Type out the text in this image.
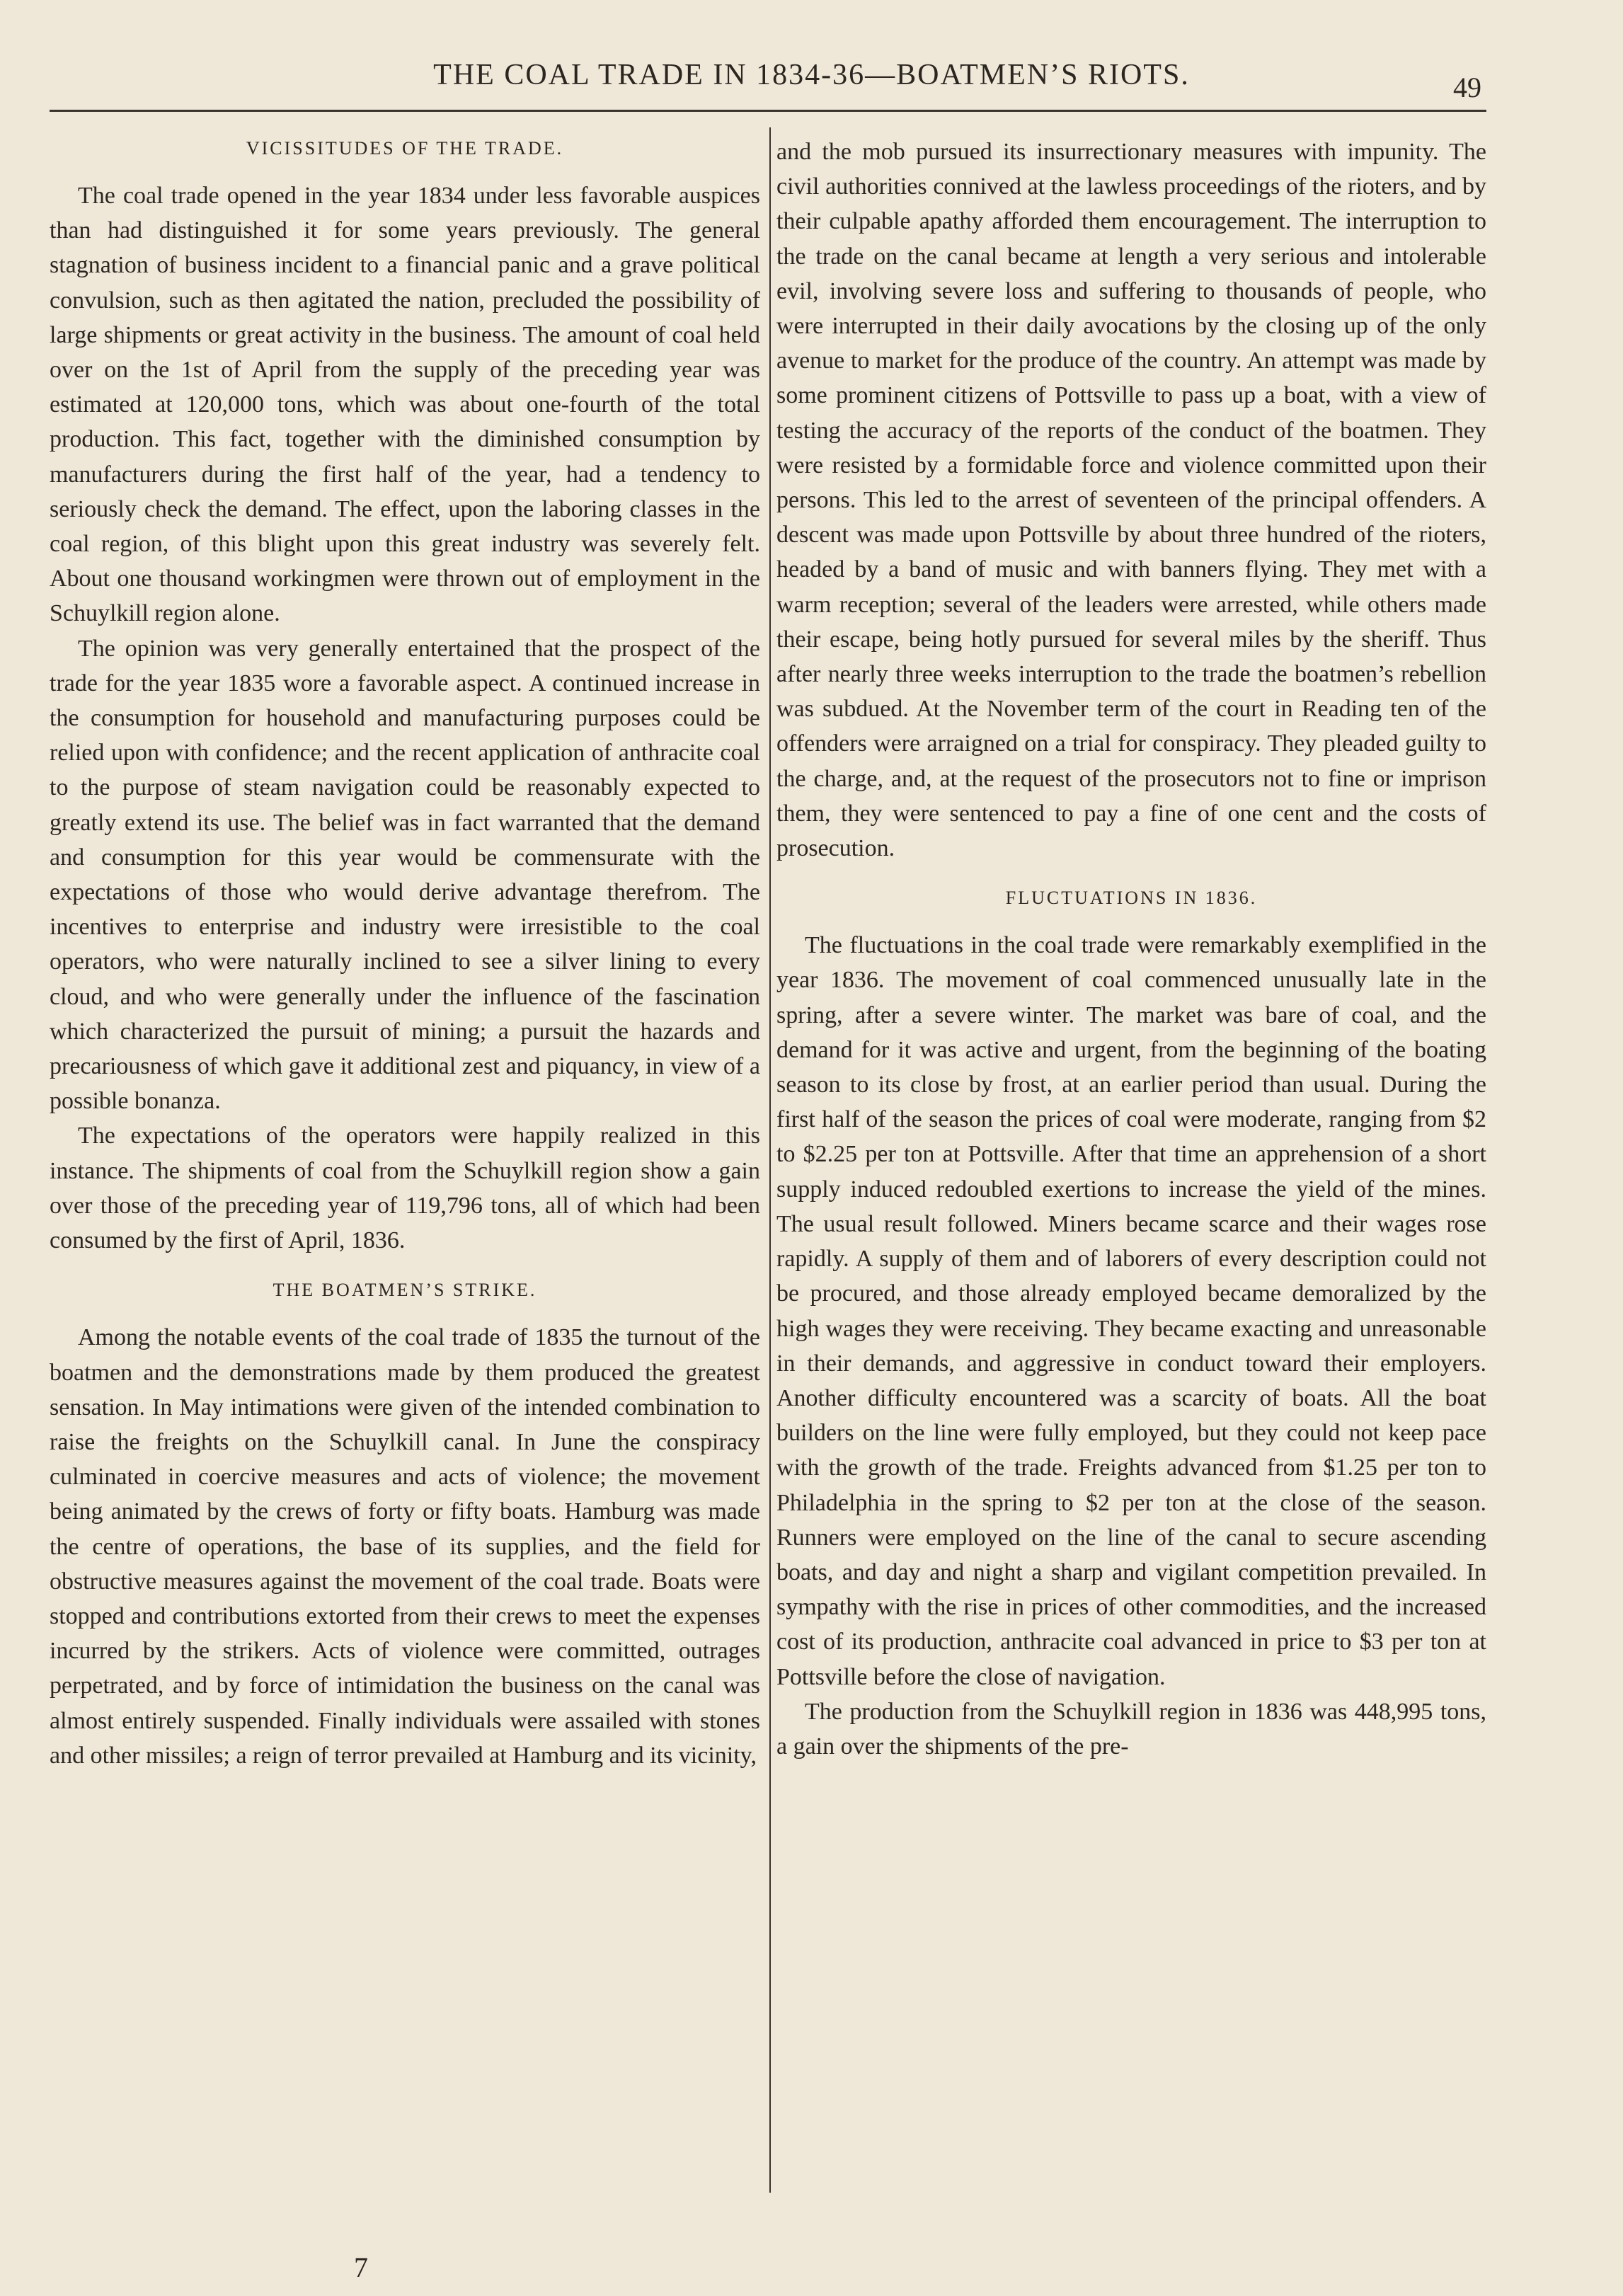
THE COAL TRADE IN 1834-36—BOATMEN’S RIOTS.	49
VICISSITUDES OF THE TRADE.

The coal trade opened in the year 1834 under less favorable auspices than had distinguished it for some years previously. The general stagnation of business incident to a financial panic and a grave political convulsion, such as then agitated the nation, precluded the possibility of large shipments or great activity in the business. The amount of coal held over on the 1st of April from the supply of the preceding year was estimated at 120,000 tons, which was about one-fourth of the total production. This fact, together with the diminished consumption by manufacturers during the first half of the year, had a tendency to seriously check the demand. The effect, upon the laboring classes in the coal region, of this blight upon this great industry was severely felt. About one thousand workingmen were thrown out of employment in the Schuylkill region alone.

The opinion was very generally entertained that the prospect of the trade for the year 1835 wore a favorable aspect. A continued increase in the consumption for household and manufacturing purposes could be relied upon with confidence; and the recent application of anthracite coal to the purpose of steam navigation could be reasonably expected to greatly extend its use. The belief was in fact warranted that the demand and consumption for this year would be commensurate with the expectations of those who would derive advantage therefrom. The incentives to enterprise and industry were irresistible to the coal operators, who were naturally inclined to see a silver lining to every cloud, and who were generally under the influence of the fascination which characterized the pursuit of mining; a pursuit the hazards and precariousness of which gave it additional zest and piquancy, in view of a possible bonanza.

The expectations of the operators were happily realized in this instance. The shipments of coal from the Schuylkill region show a gain over those of the preceding year of 119,796 tons, all of which had been consumed by the first of April, 1836.

THE BOATMEN’S STRIKE.

Among the notable events of the coal trade of 1835 the turnout of the boatmen and the demonstrations made by them produced the greatest sensation. In May intimations were given of the intended combination to raise the freights on the Schuylkill canal. In June the conspiracy culminated in coercive measures and acts of violence; the movement being animated by the crews of forty or fifty boats. Hamburg was made the centre of operations, the base of its supplies, and the field for obstructive measures against the movement of the coal trade. Boats were stopped and contributions extorted from their crews to meet the expenses incurred by the strikers. Acts of violence were committed, outrages perpetrated, and by force of intimidation the business on the canal was almost entirely suspended. Finally individuals were assailed with stones and other missiles; a reign of terror prevailed at Hamburg and its vicinity,

and the mob pursued its insurrectionary measures with impunity. The civil authorities connived at the lawless proceedings of the rioters, and by their culpable apathy afforded them encouragement. The interruption to the trade on the canal became at length a very serious and intolerable evil, involving severe loss and suffering to thousands of people, who were interrupted in their daily avocations by the closing up of the only avenue to market for the produce of the country. An attempt was made by some prominent citizens of Pottsville to pass up a boat, with a view of testing the accuracy of the reports of the conduct of the boatmen. They were resisted by a formidable force and violence committed upon their persons. This led to the arrest of seventeen of the principal offenders. A descent was made upon Pottsville by about three hundred of the rioters, headed by a band of music and with banners flying. They met with a warm reception; several of the leaders were arrested, while others made their escape, being hotly pursued for several miles by the sheriff. Thus after nearly three weeks interruption to the trade the boatmen’s rebellion was subdued. At the November term of the court in Reading ten of the offenders were arraigned on a trial for conspiracy. They pleaded guilty to the charge, and, at the request of the prosecutors not to fine or imprison them, they were sentenced to pay a fine of one cent and the costs of prosecution.

FLUCTUATIONS IN 1836.

The fluctuations in the coal trade were remarkably exemplified in the year 1836. The movement of coal commenced unusually late in the spring, after a severe winter. The market was bare of coal, and the demand for it was active and urgent, from the beginning of the boating season to its close by frost, at an earlier period than usual. During the first half of the season the prices of coal were moderate, ranging from $2 to $2.25 per ton at Pottsville. After that time an apprehension of a short supply induced redoubled exertions to increase the yield of the mines. The usual result followed. Miners became scarce and their wages rose rapidly. A supply of them and of laborers of every description could not be procured, and those already employed became demoralized by the high wages they were receiving. They became exacting and unreasonable in their demands, and aggressive in conduct toward their employers. Another difficulty encountered was a scarcity of boats. All the boat builders on the line were fully employed, but they could not keep pace with the growth of the trade. Freights advanced from $1.25 per ton to Philadelphia in the spring to $2 per ton at the close of the season. Runners were employed on the line of the canal to secure ascending boats, and day and night a sharp and vigilant competition prevailed. In sympathy with the rise in prices of other commodities, and the increased cost of its production, anthracite coal advanced in price to $3 per ton at Pottsville before the close of navigation.

The production from the Schuylkill region in 1836 was 448,995 tons, a gain over the shipments of the pre-

7
